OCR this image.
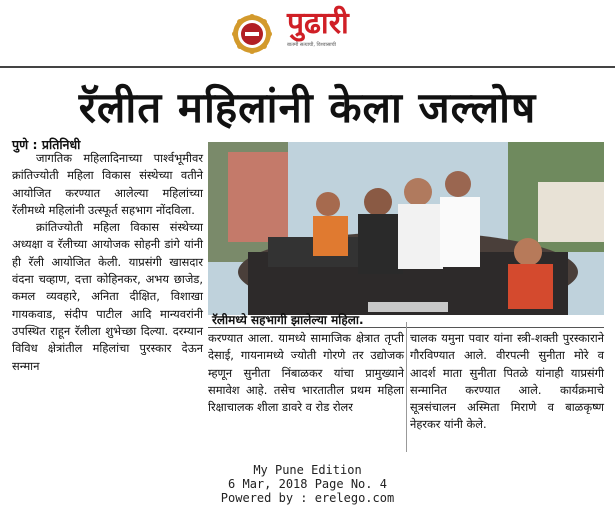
पुढारी
बातमी सत्याची, विश्वासाची
रॅलीत महिलांनी केला जल्लोष
पुणे : प्रतिनिधी

जागतिक महिलादिनाच्या पार्श्वभूमीवर क्रांतिज्योती महिला विकास संस्थेच्या वतीने आयोजित करण्यात आलेल्या महिलांच्या रॅलीमध्ये महिलांनी उत्स्फूर्त सहभाग नोंदविला.

क्रांतिज्योती महिला विकास संस्थेच्या अध्यक्षा व रॅलीच्या आयोजक सोहनी डांगे यांनी ही रॅली आयोजित केली. याप्रसंगी खासदार वंदना चव्हाण, दत्ता कोहिनकर, अभय छाजेड, कमल व्यवहारे, अनिता दीक्षित, विशाखा गायकवाड, संदीप पाटील आदि मान्यवरांनी उपस्थित राहून रॅलीला शुभेच्छा दिल्या. दरम्यान विविध क्षेत्रांतील महिलांचा पुरस्कार देऊन सन्मान

रॅलीमध्ये सहभागी झालेल्या महिला.

करण्यात आला. यामध्ये सामाजिक क्षेत्रात तृप्ती देसाई, गायनामध्ये ज्योती गोरणे तर उद्योजक म्हणून सुनीता निंबाळकर यांचा प्रामुख्याने समावेश आहे. तसेच भारतातील प्रथम महिला रिक्षाचालक शीला डावरे व रोड रोलर

चालक यमुना पवार यांना स्त्री-शक्ती पुरस्काराने गौरविण्यात आले. वीरपत्नी सुनीता मोरे व आदर्श माता सुनीता पितळे यांनाही याप्रसंगी सन्मानित करण्यात आले. कार्यक्रमाचे सूत्रसंचालन अस्मिता मिराणे व बाळकृष्ण नेहरकर यांनी केले.

My Pune Edition
6 Mar, 2018 Page No. 4
Powered by : erelego.com
